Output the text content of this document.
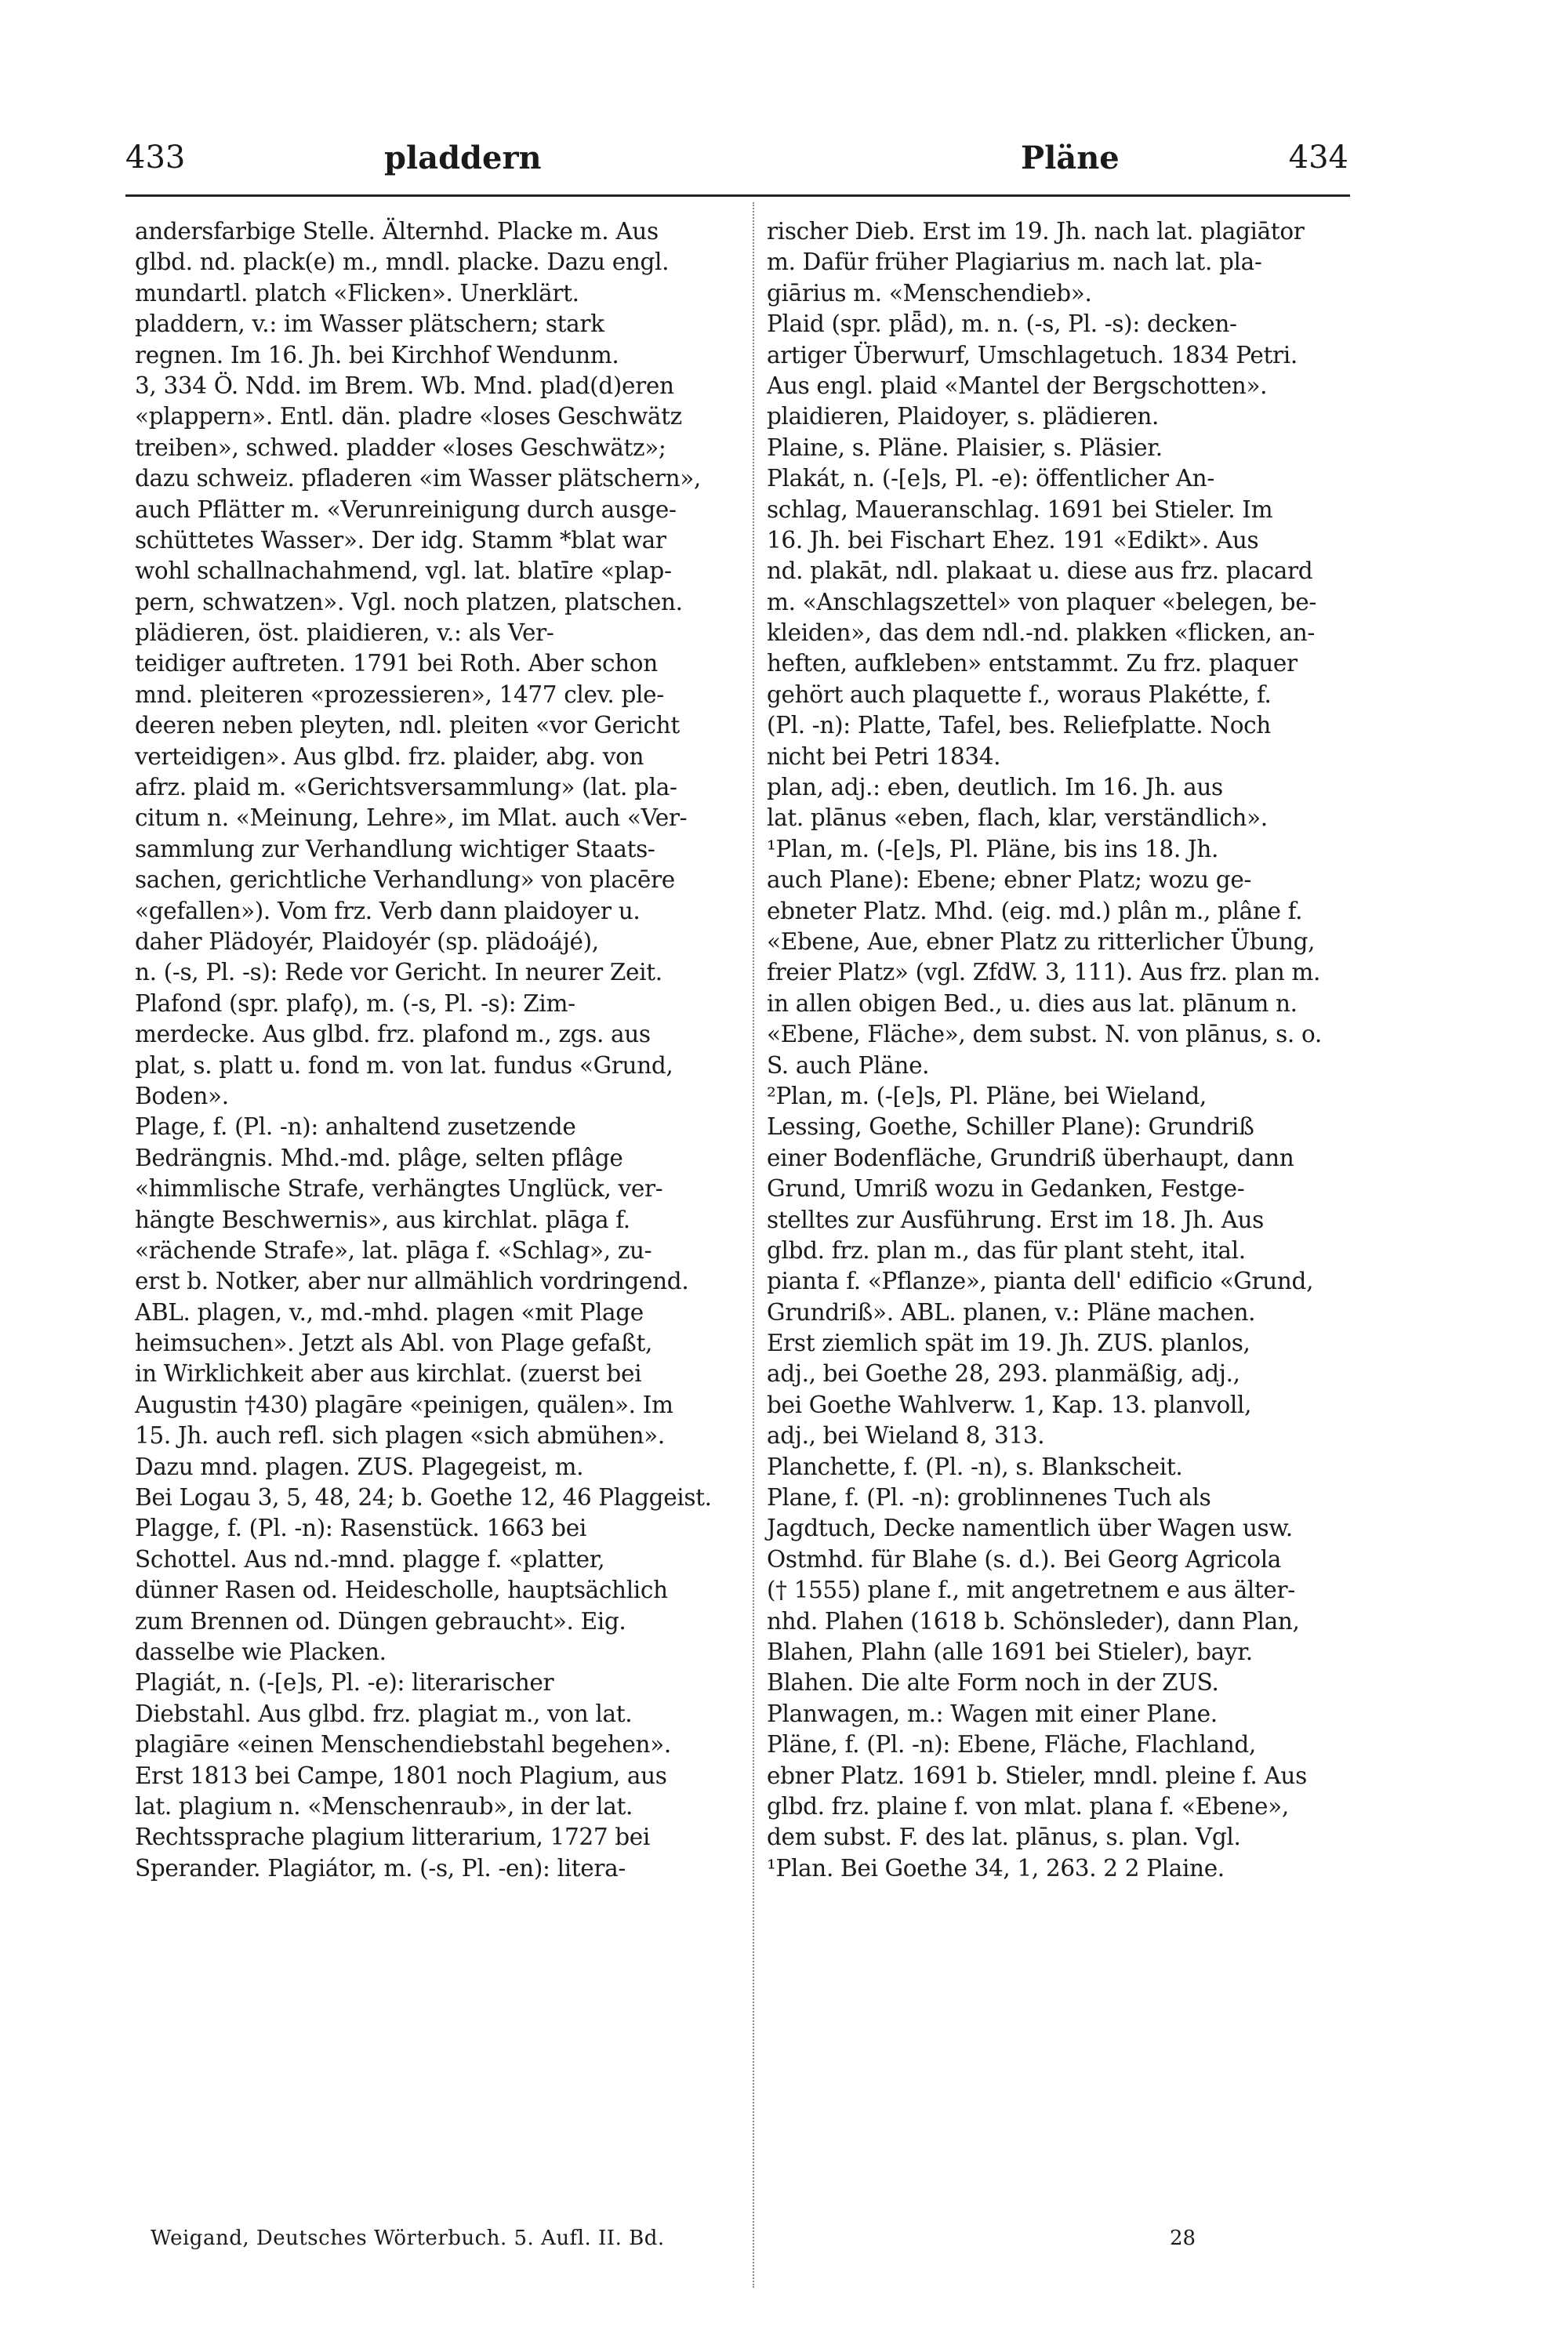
433	pladdern	Pläne	434
andersfarbige Stelle. Älternhd. Placke m. Aus
glbd. nd. plack(e) m., mndl. placke. Dazu engl.
mundartl. platch «Flicken». Unerklärt.
pladdern, v.: im Wasser plätschern; stark
regnen. Im 16. Jh. bei Kirchhof Wendunm.
3, 334 Ö. Ndd. im Brem. Wb. Mnd. plad(d)eren
«plappern». Entl. dän. pladre «loses Geschwätz
treiben», schwed. pladder «loses Geschwätz»;
dazu schweiz. pfladeren «im Wasser plätschern»,
auch Pflätter m. «Verunreinigung durch ausge-
schüttetes Wasser». Der idg. Stamm *blat war
wohl schallnachahmend, vgl. lat. blatīre «plap-
pern, schwatzen». Vgl. noch platzen, platschen.
plädieren, öst. plaidieren, v.: als Ver-
teidiger auftreten. 1791 bei Roth. Aber schon
mnd. pleiteren «prozessieren», 1477 clev. ple-
deeren neben pleyten, ndl. pleiten «vor Gericht
verteidigen». Aus glbd. frz. plaider, abg. von
afrz. plaid m. «Gerichtsversammlung» (lat. pla-
citum n. «Meinung, Lehre», im Mlat. auch «Ver-
sammlung zur Verhandlung wichtiger Staats-
sachen, gerichtliche Verhandlung» von placēre
«gefallen»). Vom frz. Verb dann plaidoyer u.
daher Plädoyér, Plaidoyér (sp. plädoájé),
n. (-s, Pl. -s): Rede vor Gericht. In neurer Zeit.
Plafond (spr. plafǫ), m. (-s, Pl. -s): Zim-
merdecke. Aus glbd. frz. plafond m., zgs. aus
plat, s. platt u. fond m. von lat. fundus «Grund,
Boden».
Plage, f. (Pl. -n): anhaltend zusetzende
Bedrängnis. Mhd.-md. plâge, selten pflâge
«himmlische Strafe, verhängtes Unglück, ver-
hängte Beschwernis», aus kirchlat. plāga f.
«rächende Strafe», lat. plāga f. «Schlag», zu-
erst b. Notker, aber nur allmählich vordringend.
ABL. plagen, v., md.-mhd. plagen «mit Plage
heimsuchen». Jetzt als Abl. von Plage gefaßt,
in Wirklichkeit aber aus kirchlat. (zuerst bei
Augustin †430) plagāre «peinigen, quälen». Im
15. Jh. auch refl. sich plagen «sich abmühen».
Dazu mnd. plagen. ZUS. Plagegeist, m.
Bei Logau 3, 5, 48, 24; b. Goethe 12, 46 Plaggeist.
Plagge, f. (Pl. -n): Rasenstück. 1663 bei
Schottel. Aus nd.-mnd. plagge f. «platter,
dünner Rasen od. Heidescholle, hauptsächlich
zum Brennen od. Düngen gebraucht». Eig.
dasselbe wie Placken.
Plagiát, n. (-[e]s, Pl. -e): literarischer
Diebstahl. Aus glbd. frz. plagiat m., von lat.
plagiāre «einen Menschendiebstahl begehen».
Erst 1813 bei Campe, 1801 noch Plagium, aus
lat. plagium n. «Menschenraub», in der lat.
Rechtssprache plagium litterarium, 1727 bei
Sperander. Plagiátor, m. (-s, Pl. -en): litera-
rischer Dieb. Erst im 19. Jh. nach lat. plagiātor
m. Dafür früher Plagiarius m. nach lat. pla-
giārius m. «Menschendieb».
Plaid (spr. plǟd), m. n. (-s, Pl. -s): decken-
artiger Überwurf, Umschlagetuch. 1834 Petri.
Aus engl. plaid «Mantel der Bergschotten».
plaidieren, Plaidoyer, s. plädieren.
Plaine, s. Pläne. Plaisier, s. Pläsier.
Plakát, n. (-[e]s, Pl. -e): öffentlicher An-
schlag, Maueranschlag. 1691 bei Stieler. Im
16. Jh. bei Fischart Ehez. 191 «Edikt». Aus
nd. plakāt, ndl. plakaat u. diese aus frz. placard
m. «Anschlagszettel» von plaquer «belegen, be-
kleiden», das dem ndl.-nd. plakken «flicken, an-
heften, aufkleben» entstammt. Zu frz. plaquer
gehört auch plaquette f., woraus Plakétte, f.
(Pl. -n): Platte, Tafel, bes. Reliefplatte. Noch
nicht bei Petri 1834.
plan, adj.: eben, deutlich. Im 16. Jh. aus
lat. plānus «eben, flach, klar, verständlich».
¹Plan, m. (-[e]s, Pl. Pläne, bis ins 18. Jh.
auch Plane): Ebene; ebner Platz; wozu ge-
ebneter Platz. Mhd. (eig. md.) plân m., plâne f.
«Ebene, Aue, ebner Platz zu ritterlicher Übung,
freier Platz» (vgl. ZfdW. 3, 111). Aus frz. plan m.
in allen obigen Bed., u. dies aus lat. plānum n.
«Ebene, Fläche», dem subst. N. von plānus, s. o.
S. auch Pläne.
²Plan, m. (-[e]s, Pl. Pläne, bei Wieland,
Lessing, Goethe, Schiller Plane): Grundriß
einer Bodenfläche, Grundriß überhaupt, dann
Grund, Umriß wozu in Gedanken, Festge-
stelltes zur Ausführung. Erst im 18. Jh. Aus
glbd. frz. plan m., das für plant steht, ital.
pianta f. «Pflanze», pianta dell' edificio «Grund,
Grundriß». ABL. planen, v.: Pläne machen.
Erst ziemlich spät im 19. Jh. ZUS. planlos,
adj., bei Goethe 28, 293. planmäßig, adj.,
bei Goethe Wahlverw. 1, Kap. 13. planvoll,
adj., bei Wieland 8, 313.
Planchette, f. (Pl. -n), s. Blankscheit.
Plane, f. (Pl. -n): groblinnenes Tuch als
Jagdtuch, Decke namentlich über Wagen usw.
Ostmhd. für Blahe (s. d.). Bei Georg Agricola
(† 1555) plane f., mit angetretnem e aus älter-
nhd. Plahen (1618 b. Schönsleder), dann Plan,
Blahen, Plahn (alle 1691 bei Stieler), bayr.
Blahen. Die alte Form noch in der ZUS.
Planwagen, m.: Wagen mit einer Plane.
Pläne, f. (Pl. -n): Ebene, Fläche, Flachland,
ebner Platz. 1691 b. Stieler, mndl. pleine f. Aus
glbd. frz. plaine f. von mlat. plana f. «Ebene»,
dem subst. F. des lat. plānus, s. plan. Vgl.
¹Plan. Bei Goethe 34, 1, 263. 2 2 Plaine.
Weigand, Deutsches Wörterbuch. 5. Aufl. II. Bd.	28
